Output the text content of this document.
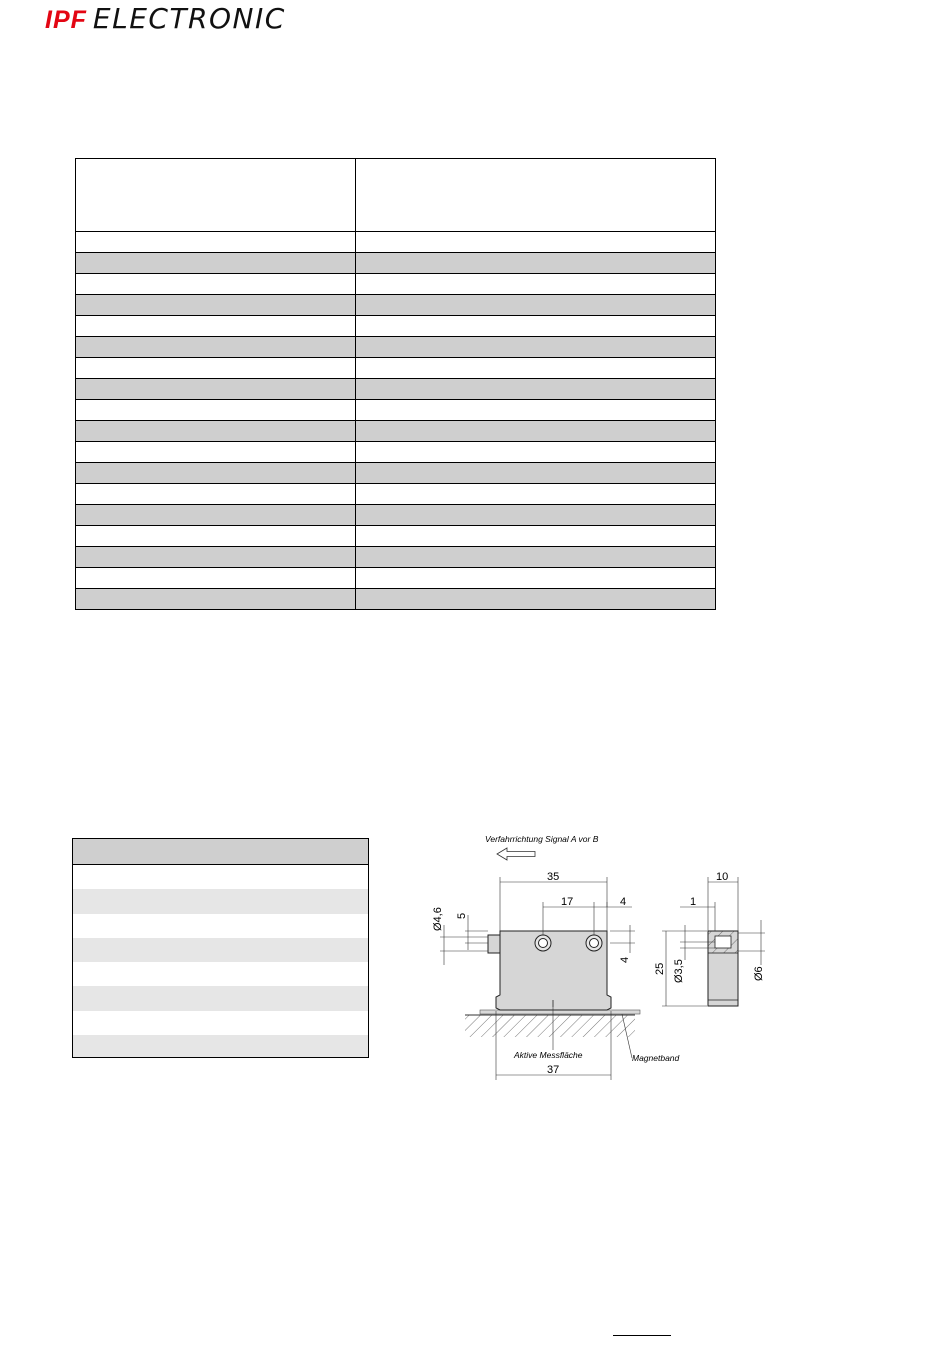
IPF ELECTRONIC

Verfahrrichtung Signal A vor B
35
17	4
4
5
Ø4,6
25 Ø3,5	Ø6
10
1
37
Aktive Messfläche	Magnetband
